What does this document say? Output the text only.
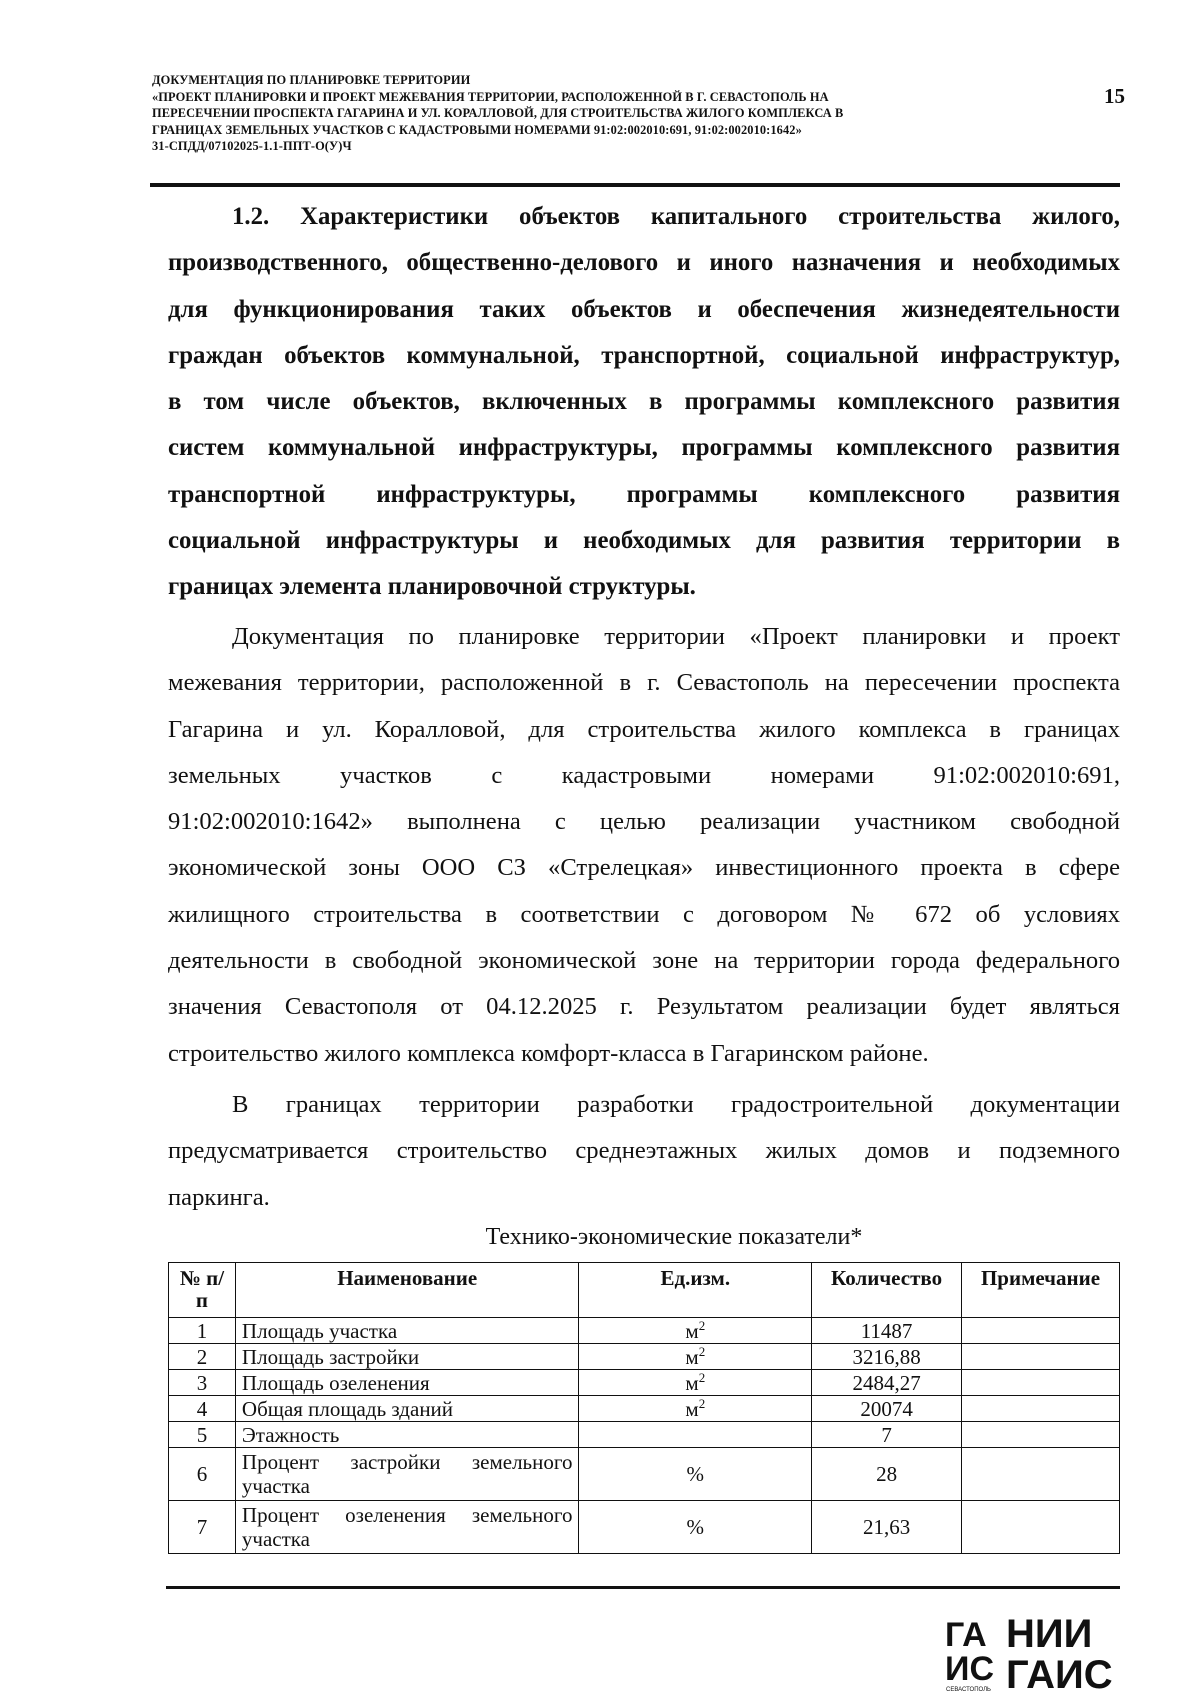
ДОКУМЕНТАЦИЯ ПО ПЛАНИРОВКЕ ТЕРРИТОРИИ
«ПРОЕКТ ПЛАНИРОВКИ И ПРОЕКТ МЕЖЕВАНИЯ ТЕРРИТОРИИ, РАСПОЛОЖЕННОЙ В Г. СЕВАСТОПОЛЬ НА
ПЕРЕСЕЧЕНИИ ПРОСПЕКТА ГАГАРИНА И УЛ. КОРАЛЛОВОЙ, ДЛЯ СТРОИТЕЛЬСТВА ЖИЛОГО КОМПЛЕКСА В
ГРАНИЦАХ ЗЕМЕЛЬНЫХ УЧАСТКОВ С КАДАСТРОВЫМИ НОМЕРАМИ 91:02:002010:691, 91:02:002010:1642»
31-СПДД/07102025-1.1-ППТ-О(У)Ч
15
1.2. Характеристики объектов капитального строительства жилого,
производственного, общественно-делового и иного назначения и необходимых
для функционирования таких объектов и обеспечения жизнедеятельности
граждан объектов коммунальной, транспортной, социальной инфраструктур,
в том числе объектов, включенных в программы комплексного развития
систем коммунальной инфраструктуры, программы комплексного развития
транспортной инфраструктуры, программы комплексного развития
социальной инфраструктуры и необходимых для развития территории в
границах элемента планировочной структуры.
Документация по планировке территории «Проект планировки и проект
межевания территории, расположенной в г. Севастополь на пересечении проспекта
Гагарина и ул. Коралловой, для строительства жилого комплекса в границах
земельных участков с кадастровыми номерами 91:02:002010:691,
91:02:002010:1642» выполнена с целью реализации участником свободной
экономической зоны ООО СЗ «Стрелецкая» инвестиционного проекта в сфере
жилищного строительства в соответствии с договором № 672 об условиях
деятельности в свободной экономической зоне на территории города федерального
значения Севастополя от 04.12.2025 г. Результатом реализации будет являться
строительство жилого комплекса комфорт-класса в Гагаринском районе.
В границах территории разработки градостроительной документации
предусматривается строительство среднеэтажных жилых домов и подземного
паркинга.
Технико-экономические показатели*
№ п/п	Наименование	Ед.изм.	Количество	Примечание
1	Площадь участка	$м^2$	11487	
2	Площадь застройки	$м^2$	3216,88	
3	Площадь озеленения	$м^2$	2484,27	
4	Общая площадь зданий	$м^2$	20074	
5	Этажность		7	
6	Процент застройки земельного участка	%	28	
7	Процент озеленения земельного участка	%	21,63	
ГА
ИС
СЕВАСТОПОЛЬ
НИИ
ГАИС
